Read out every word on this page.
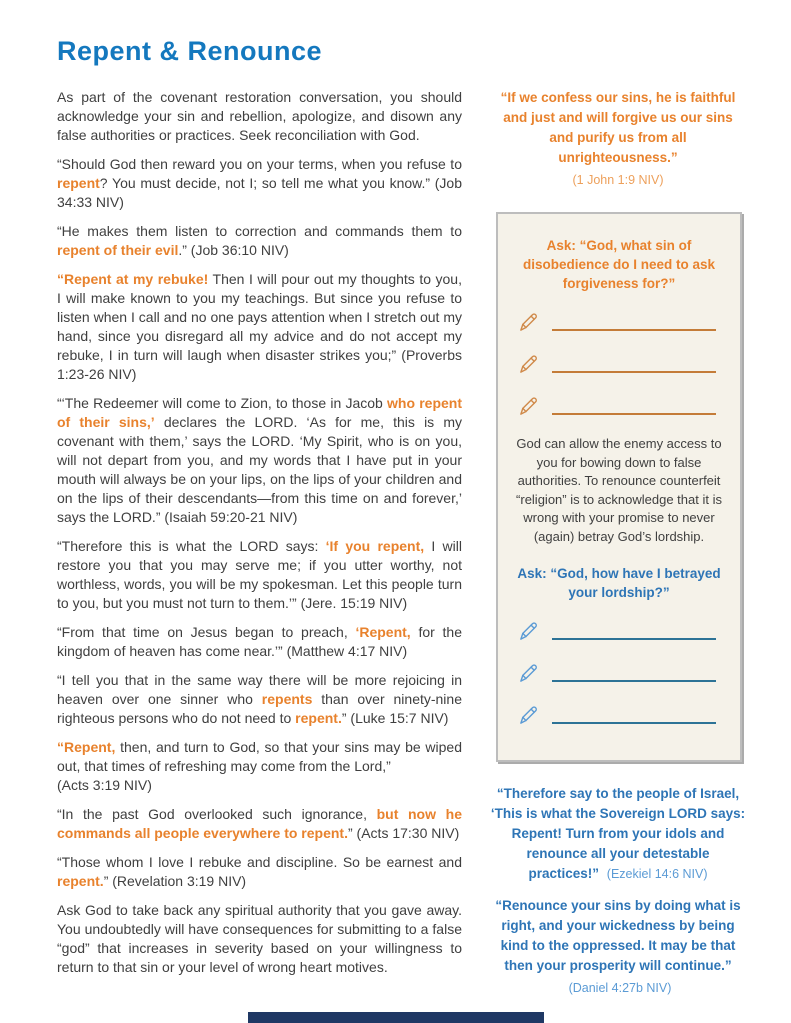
Repent & Renounce

As part of the covenant restoration conversation, you should acknowledge your sin and rebellion, apologize, and disown any false authorities or practices. Seek reconciliation with God.

“Should God then reward you on your terms, when you refuse to repent? You must decide, not I; so tell me what you know.” (Job 34:33 NIV)

“He makes them listen to correction and commands them to repent of their evil.” (Job 36:10 NIV)

“Repent at my rebuke! Then I will pour out my thoughts to you, I will make known to you my teachings. But since you refuse to listen when I call and no one pays attention when I stretch out my hand, since you disregard all my advice and do not accept my rebuke, I in turn will laugh when disaster strikes you;” (Proverbs 1:23-26 NIV)

“‘The Redeemer will come to Zion, to those in Jacob who repent of their sins,’ declares the LORD. ‘As for me, this is my covenant with them,’ says the LORD. ‘My Spirit, who is on you, will not depart from you, and my words that I have put in your mouth will always be on your lips, on the lips of your children and on the lips of their descendants—from this time on and forever,’ says the LORD.” (Isaiah 59:20-21 NIV)

“Therefore this is what the LORD says: ‘If you repent, I will restore you that you may serve me; if you utter worthy, not worthless, words, you will be my spokesman. Let this people turn to you, but you must not turn to them.’” (Jere. 15:19 NIV)

“From that time on Jesus began to preach, ‘Repent, for the kingdom of heaven has come near.’” (Matthew 4:17 NIV)

“I tell you that in the same way there will be more rejoicing in heaven over one sinner who repents than over ninety-nine righteous persons who do not need to repent.” (Luke 15:7 NIV)

“Repent, then, and turn to God, so that your sins may be wiped out, that times of refreshing may come from the Lord,”
(Acts 3:19 NIV)

“In the past God overlooked such ignorance, but now he commands all people everywhere to repent.” (Acts 17:30 NIV)

“Those whom I love I rebuke and discipline. So be earnest and repent.” (Revelation 3:19 NIV)

Ask God to take back any spiritual authority that you gave away. You undoubtedly will have consequences for submitting to a false “god” that increases in severity based on your willingness to return to that sin or your level of wrong heart motives.

“If we confess our sins, he is faithful and just and will forgive us our sins and purify us from all unrighteousness.”
(1 John 1:9 NIV)
Ask: “God, what sin of disobedience do I need to ask forgiveness for?”
God can allow the enemy access to you for bowing down to false authorities. To renounce counterfeit “religion” is to acknowledge that it is wrong with your promise to never (again) betray God’s lordship.
Ask: “God, how have I betrayed your lordship?”
“Therefore say to the people of Israel, ‘This is what the Sovereign LORD says: Repent! Turn from your idols and renounce all your detestable practices!” (Ezekiel 14:6 NIV)
“Renounce your sins by doing what is right, and your wickedness by being kind to the oppressed. It may be that then your prosperity will continue.”
(Daniel 4:27b NIV)
